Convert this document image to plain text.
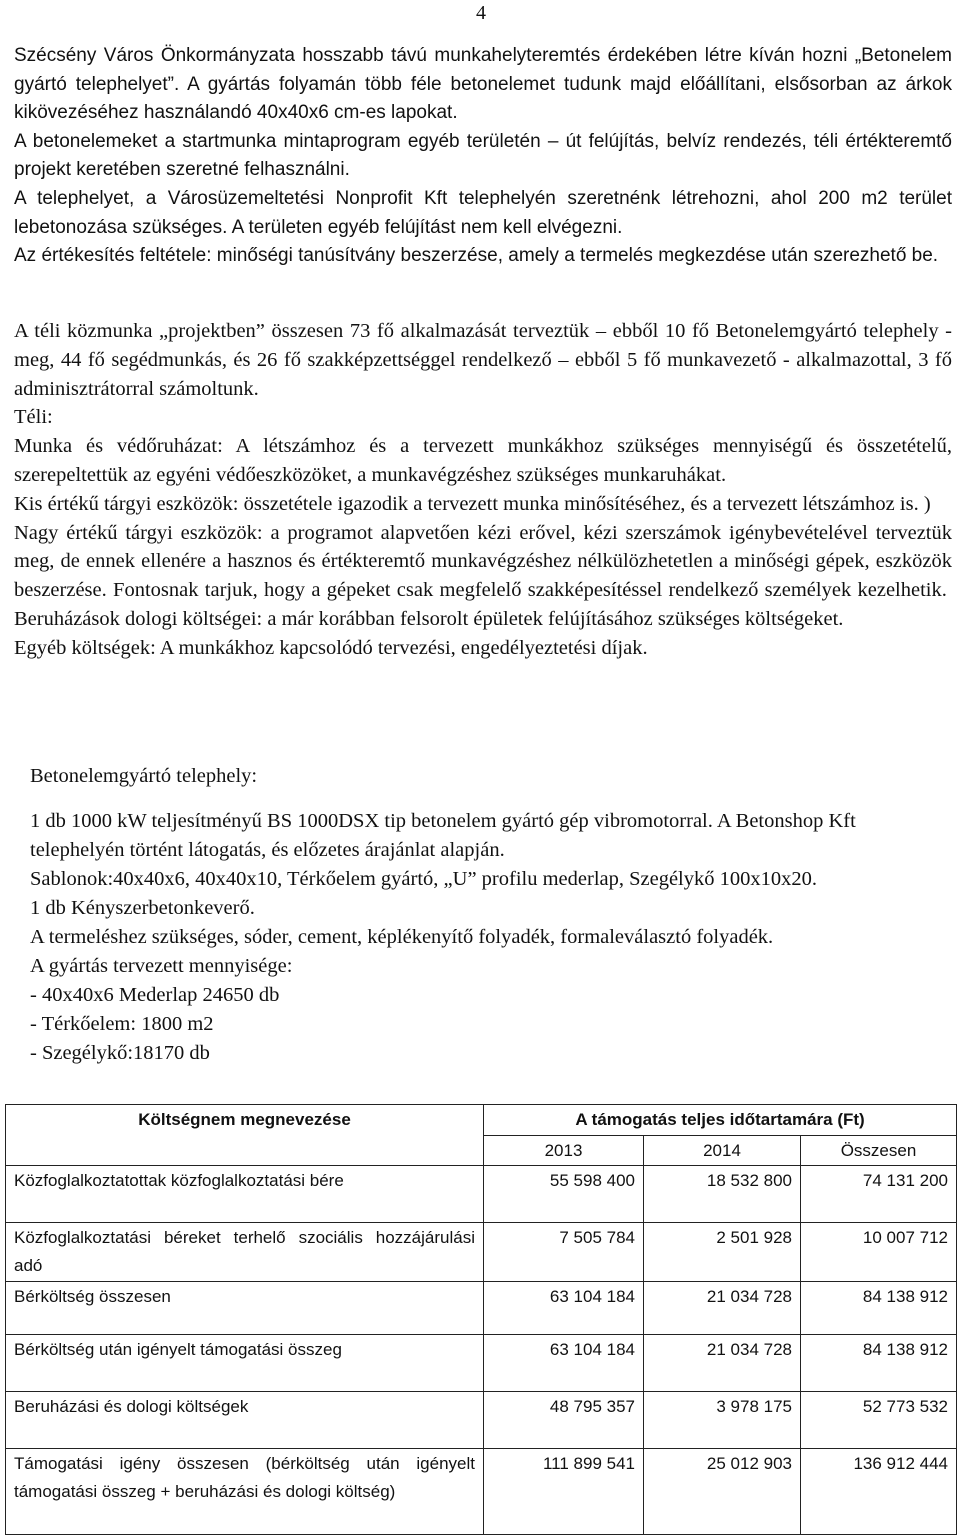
4

Szécsény Város Önkormányzata hosszabb távú munkahelyteremtés érdekében létre kíván hozni „Betonelem gyártó telephelyet”. A gyártás folyamán több féle betonelemet tudunk majd előállítani, elsősorban az árkok kikövezéséhez használandó 40x40x6 cm-es lapokat.

A betonelemeket a startmunka mintaprogram egyéb területén – út felújítás, belvíz rendezés, téli értékteremtő projekt keretében szeretné felhasználni.

A telephelyet, a Városüzemeltetési Nonprofit Kft telephelyén szeretnénk létrehozni, ahol 200 m2 terület lebetonozása szükséges. A területen egyéb felújítást nem kell elvégezni.

Az értékesítés feltétele: minőségi tanúsítvány beszerzése, amely a termelés megkezdése után szerezhető be.

A téli közmunka „projektben” összesen 73 fő alkalmazását terveztük – ebből 10 fő Betonelemgyártó telephely - meg, 44 fő segédmunkás, és 26 fő szakképzettséggel rendelkező – ebből 5 fő munkavezető - alkalmazottal, 3 fő adminisztrátorral számoltunk.

Téli:

Munka és védőruházat: A létszámhoz és a tervezett munkákhoz szükséges mennyiségű és összetételű, szerepeltettük az egyéni védőeszközöket, a munkavégzéshez szükséges munkaruhákat.

Kis értékű tárgyi eszközök: összetétele igazodik a tervezett munka minősítéséhez, és a tervezett létszámhoz is. )

Nagy értékű tárgyi eszközök: a programot alapvetően kézi erővel, kézi szerszámok igénybevételével terveztük meg, de ennek ellenére a hasznos és értékteremtő munkavégzéshez nélkülözhetetlen a minőségi gépek, eszközök beszerzése. Fontosnak tarjuk, hogy a gépeket csak megfelelő szakképesítéssel rendelkező személyek kezelhetik.  Beruházások dologi költségei: a már korábban felsorolt épületek felújításához szükséges költségeket.

Egyéb költségek: A munkákhoz kapcsolódó tervezési, engedélyeztetési díjak.

Betonelemgyártó telephely:

1 db 1000 kW teljesítményű BS 1000DSX tip betonelem gyártó gép vibromotorral. A Betonshop Kft telephelyén történt látogatás, és előzetes árajánlat alapján.

Sablonok:40x40x6, 40x40x10, Térkőelem gyártó, „U” profilu mederlap, Szegélykő 100x10x20.

1 db Kényszerbetonkeverő.

A termeléshez szükséges, sóder, cement, képlékenyítő folyadék, formaleválasztó folyadék.

A gyártás tervezett mennyisége:

- 40x40x6 Mederlap 24650 db

- Térkőelem: 1800 m2

- Szegélykő:18170 db

Költségnem megnevezése	A támogatás teljes időtartamára (Ft)		
	2013	2014	Összesen
Közfoglalkoztatottak közfoglalkoztatási bére	55 598 400	18 532 800	74 131 200
Közfoglalkoztatási béreket terhelő szociális hozzájárulási adó	7 505 784	2 501 928	10 007 712
Bérköltség összesen	63 104 184	21 034 728	84 138 912
Bérköltség után igényelt támogatási összeg	63 104 184	21 034 728	84 138 912
Beruházási és dologi költségek	48 795 357	3 978 175	52 773 532
Támogatási igény összesen (bérköltség után igényelt támogatási összeg + beruházási és dologi költség)	111 899 541	25 012 903	136 912 444
